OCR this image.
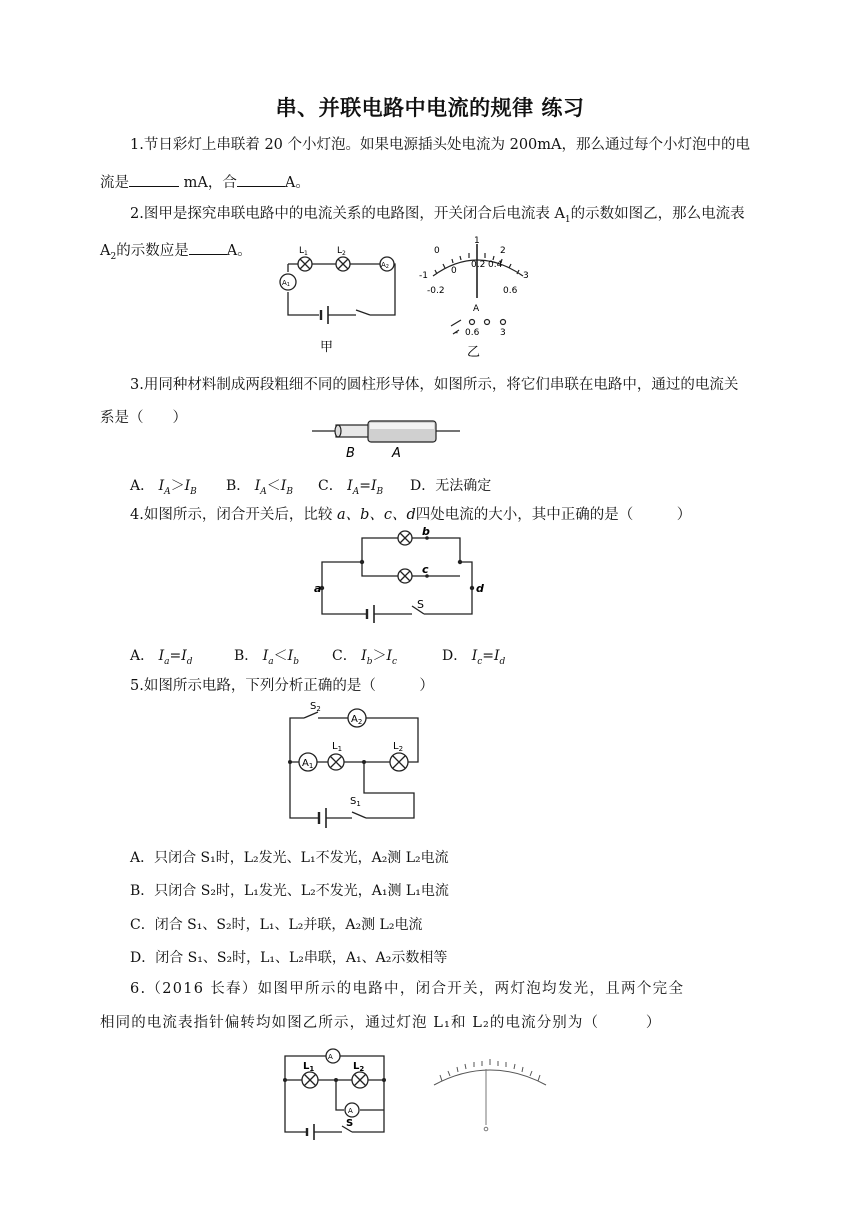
串、并联电路中电流的规律 练习
1.节日彩灯上串联着 20 个小灯泡。如果电源插头处电流为 200mA，那么通过每个小灯泡中的电
流是	mA，合	A。
2.图甲是探究串联电路中的电流关系的电路图，开关闭合后电流表 $A_1$的示数如图乙，那么电流表
$A_2$的示数应是	A。	$L_1$	$L_2$
A2
A1
甲
0
1
2
-1	0
0.2 0.4
3
-0.2	0.6
A
- 0.6 3
乙
3.用同种材料制成两段粗细不同的圆柱形导体，如图所示，将它们串联在电路中，通过的电流关
系是（　　）
B	A
A． $I_A>I_B$ B． $I_A<I_B$ C． $I_A=I_B$ D．无法确定
4.如图所示，闭合开关后，比较 a、b、c、d四处电流的大小，其中正确的是（　　　）
a
b
c
d
S
A． $I_a=I_d$	B． $I_a<I_b$ C． $I_b>I_c$	D． $I_c=I_d$
5.如图所示电路，下列分析正确的是（　　　）
$S_2$
$A_2$
$A_1$
$L_1$	$L_2$
$S_1$
A．只闭合 S₁时，L₂发光、L₁不发光，A₂测 L₂电流
B．只闭合 S₂时，L₁发光、L₂不发光，A₁测 L₁电流
C．闭合 S₁、S₂时，L₁、L₂并联，A₂测 L₂电流
D．闭合 S₁、S₂时，L₁、L₂串联，A₁、A₂示数相等
6.（2016 长春）如图甲所示的电路中，闭合开关，两灯泡均发光，且两个完全
相同的电流表指针偏转均如图乙所示，通过灯泡 L₁和 L₂的电流分别为（　　　）
A
$L_1$	$L_2$
A
S
